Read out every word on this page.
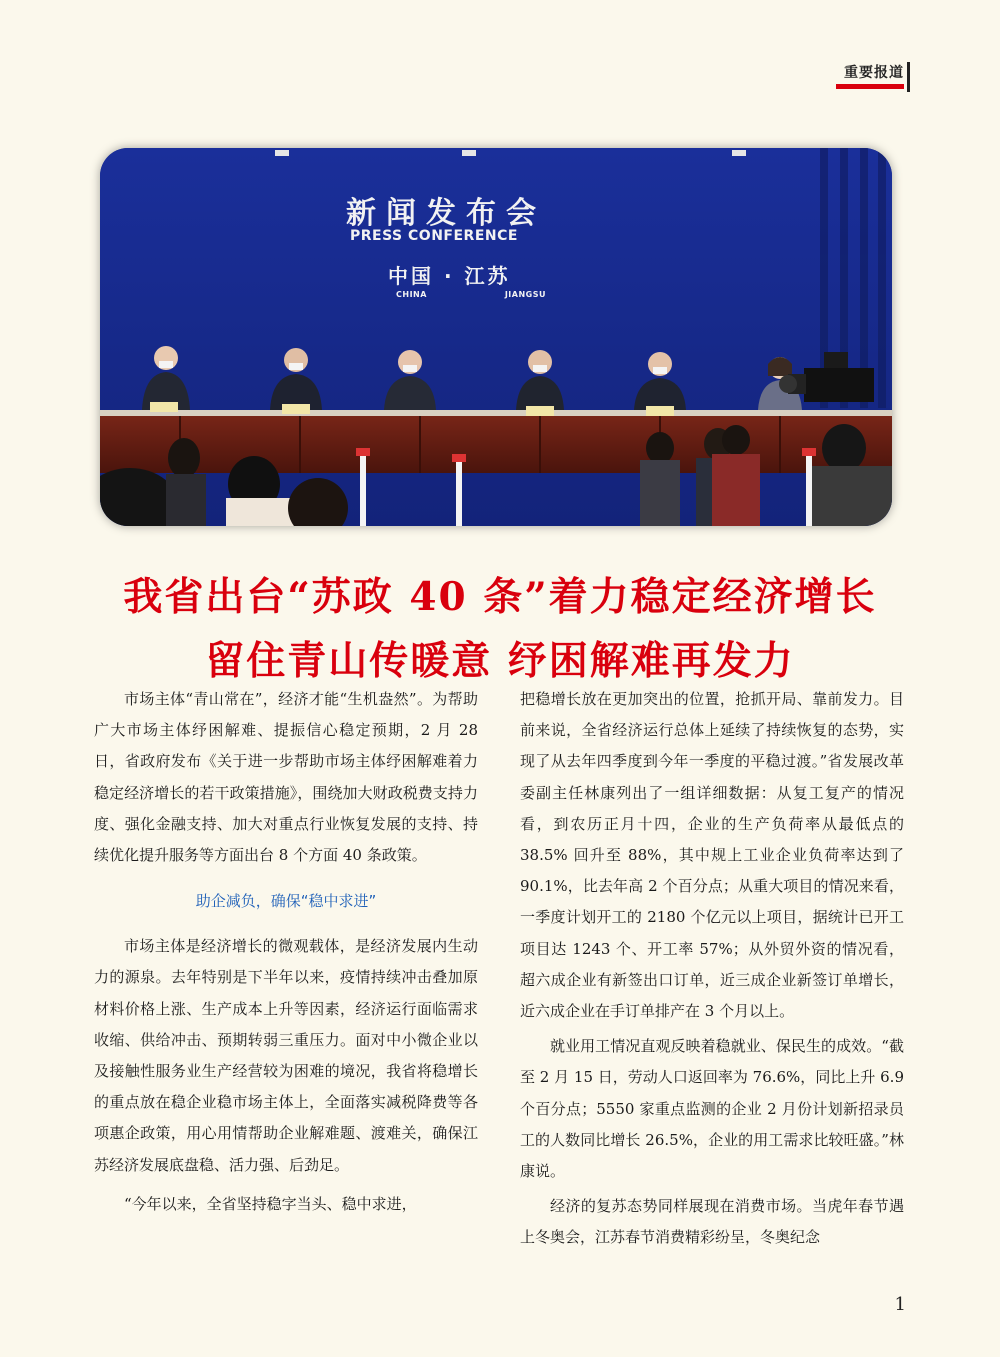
重要报道
新闻发布会
PRESS CONFERENCE
中国 · 江苏
CHINA	JIANGSU
我省出台“苏政 40 条”着力稳定经济增长
留住青山传暖意 纾困解难再发力

市场主体“青山常在”，经济才能“生机盎然”。为帮助广大市场主体纾困解难、提振信心稳定预期，2 月 28 日，省政府发布《关于进一步帮助市场主体纾困解难着力稳定经济增长的若干政策措施》，围绕加大财政税费支持力度、强化金融支持、加大对重点行业恢复发展的支持、持续优化提升服务等方面出台 8 个方面 40 条政策。

助企减负，确保“稳中求进”

市场主体是经济增长的微观载体，是经济发展内生动力的源泉。去年特别是下半年以来，疫情持续冲击叠加原材料价格上涨、生产成本上升等因素，经济运行面临需求收缩、供给冲击、预期转弱三重压力。面对中小微企业以及接触性服务业生产经营较为困难的境况，我省将稳增长的重点放在稳企业稳市场主体上，全面落实减税降费等各项惠企政策，用心用情帮助企业解难题、渡难关，确保江苏经济发展底盘稳、活力强、后劲足。

“今年以来，全省坚持稳字当头、稳中求进，

把稳增长放在更加突出的位置，抢抓开局、靠前发力。目前来说，全省经济运行总体上延续了持续恢复的态势，实现了从去年四季度到今年一季度的平稳过渡。”省发展改革委副主任林康列出了一组详细数据：从复工复产的情况看，到农历正月十四，企业的生产负荷率从最低点的 38.5% 回升至 88%，其中规上工业企业负荷率达到了 90.1%，比去年高 2 个百分点；从重大项目的情况来看，一季度计划开工的 2180 个亿元以上项目，据统计已开工项目达 1243 个、开工率 57%；从外贸外资的情况看，超六成企业有新签出口订单，近三成企业新签订单增长，近六成企业在手订单排产在 3 个月以上。

就业用工情况直观反映着稳就业、保民生的成效。“截至 2 月 15 日，劳动人口返回率为 76.6%，同比上升 6.9 个百分点；5550 家重点监测的企业 2 月份计划新招录员工的人数同比增长 26.5%，企业的用工需求比较旺盛。”林康说。

经济的复苏态势同样展现在消费市场。当虎年春节遇上冬奥会，江苏春节消费精彩纷呈，冬奥纪念

1
